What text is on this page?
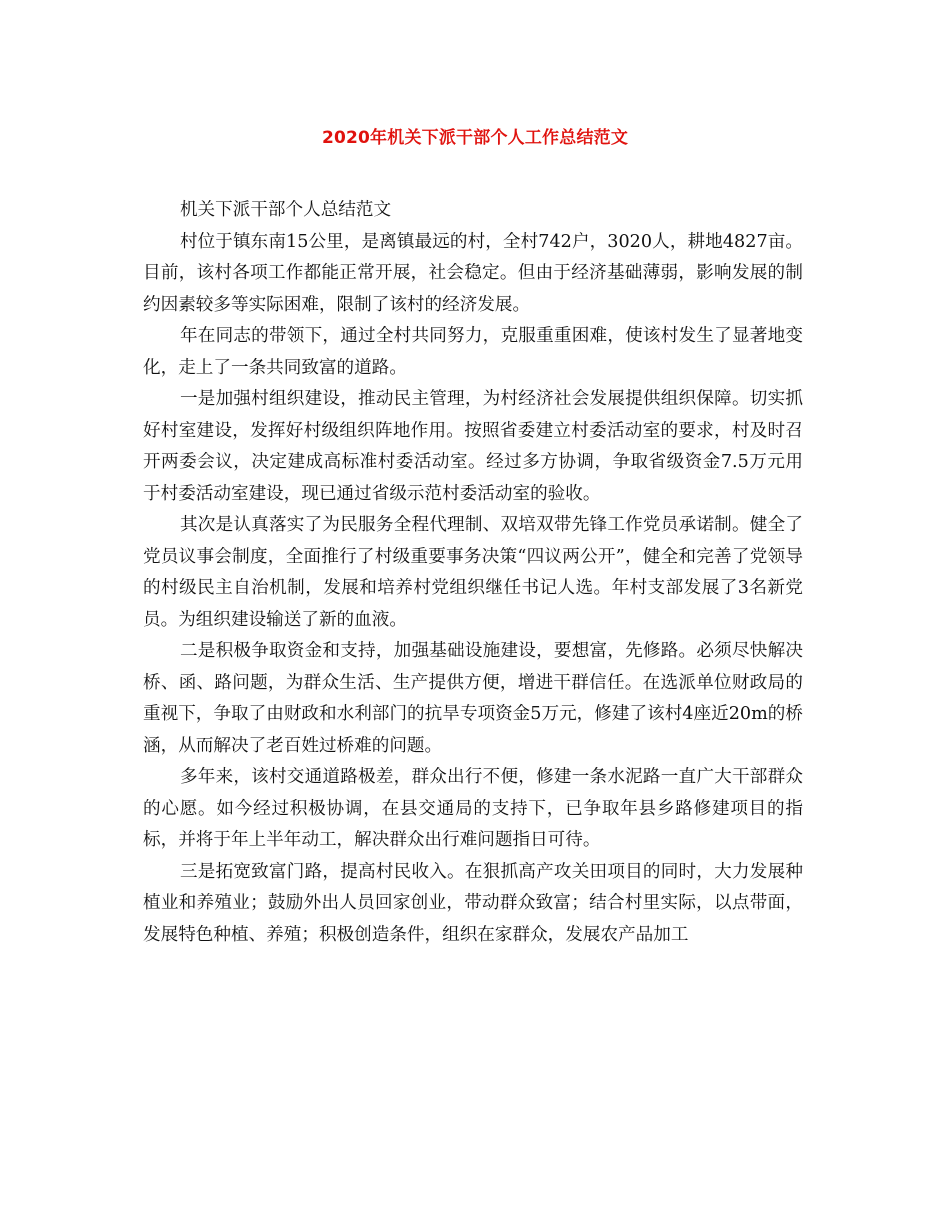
2020年机关下派干部个人工作总结范文

机关下派干部个人总结范文

村位于镇东南15公里，是离镇最远的村，全村742户，3020人，耕地4827亩。目前，该村各项工作都能正常开展，社会稳定。但由于经济基础薄弱，影响发展的制约因素较多等实际困难，限制了该村的经济发展。

年在同志的带领下，通过全村共同努力，克服重重困难，使该村发生了显著地变化，走上了一条共同致富的道路。

一是加强村组织建设，推动民主管理，为村经济社会发展提供组织保障。切实抓好村室建设，发挥好村级组织阵地作用。按照省委建立村委活动室的要求，村及时召开两委会议，决定建成高标准村委活动室。经过多方协调，争取省级资金7.5万元用于村委活动室建设，现已通过省级示范村委活动室的验收。

其次是认真落实了为民服务全程代理制、双培双带先锋工作党员承诺制。健全了党员议事会制度，全面推行了村级重要事务决策“四议两公开”，健全和完善了党领导的村级民主自治机制，发展和培养村党组织继任书记人选。年村支部发展了3名新党员。为组织建设输送了新的血液。

二是积极争取资金和支持，加强基础设施建设，要想富，先修路。必须尽快解决桥、函、路问题，为群众生活、生产提供方便，增进干群信任。在选派单位财政局的重视下，争取了由财政和水利部门的抗旱专项资金5万元，修建了该村4座近20m的桥涵，从而解决了老百姓过桥难的问题。

多年来，该村交通道路极差，群众出行不便，修建一条水泥路一直广大干部群众的心愿。如今经过积极协调，在县交通局的支持下，已争取年县乡路修建项目的指标，并将于年上半年动工，解决群众出行难问题指日可待。

三是拓宽致富门路，提高村民收入。在狠抓高产攻关田项目的同时，大力发展种植业和养殖业；鼓励外出人员回家创业，带动群众致富；结合村里实际，以点带面，发展特色种植、养殖；积极创造条件，组织在家群众，发展农产品加工
